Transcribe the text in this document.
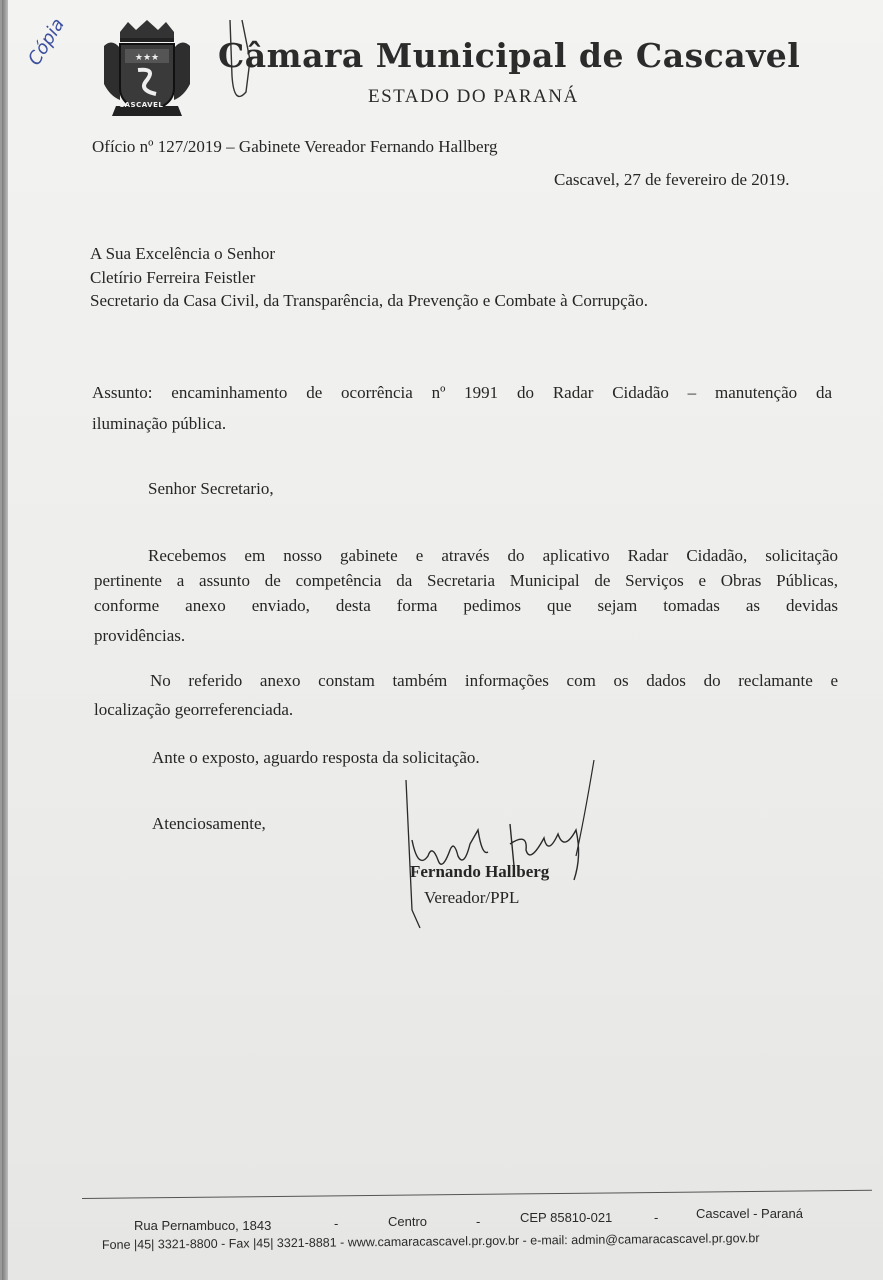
★★★
CASCAVEL
Cópia	Câmara Municipal de Cascavel
ESTADO DO PARANÁ
Ofício nº 127/2019 – Gabinete Vereador Fernando Hallberg
Cascavel, 27 de fevereiro de 2019.
A Sua Excelência o Senhor
Cletírio Ferreira Feistler
Secretario da Casa Civil, da Transparência, da Prevenção e Combate à Corrupção.
Assunto: encaminhamento de ocorrência nº 1991 do Radar Cidadão – manutenção da
iluminação pública.
Senhor Secretario,
Recebemos em nosso gabinete e através do aplicativo Radar Cidadão, solicitação
pertinente a assunto de competência da Secretaria Municipal de Serviços e Obras Públicas,
conforme anexo enviado, desta forma pedimos que sejam tomadas as devidas
providências.
No referido anexo constam também informações com os dados do reclamante e
localização georreferenciada.
Ante o exposto, aguardo resposta da solicitação.
Atenciosamente,
Fernando Hallberg
Vereador/PPL
Rua Pernambuco, 1843	-	Centro	-	CEP 85810-021	-	Cascavel - Paraná
Fone |45| 3321-8800 - Fax |45| 3321-8881 - www.camaracascavel.pr.gov.br - e-mail: admin@camaracascavel.pr.gov.br
